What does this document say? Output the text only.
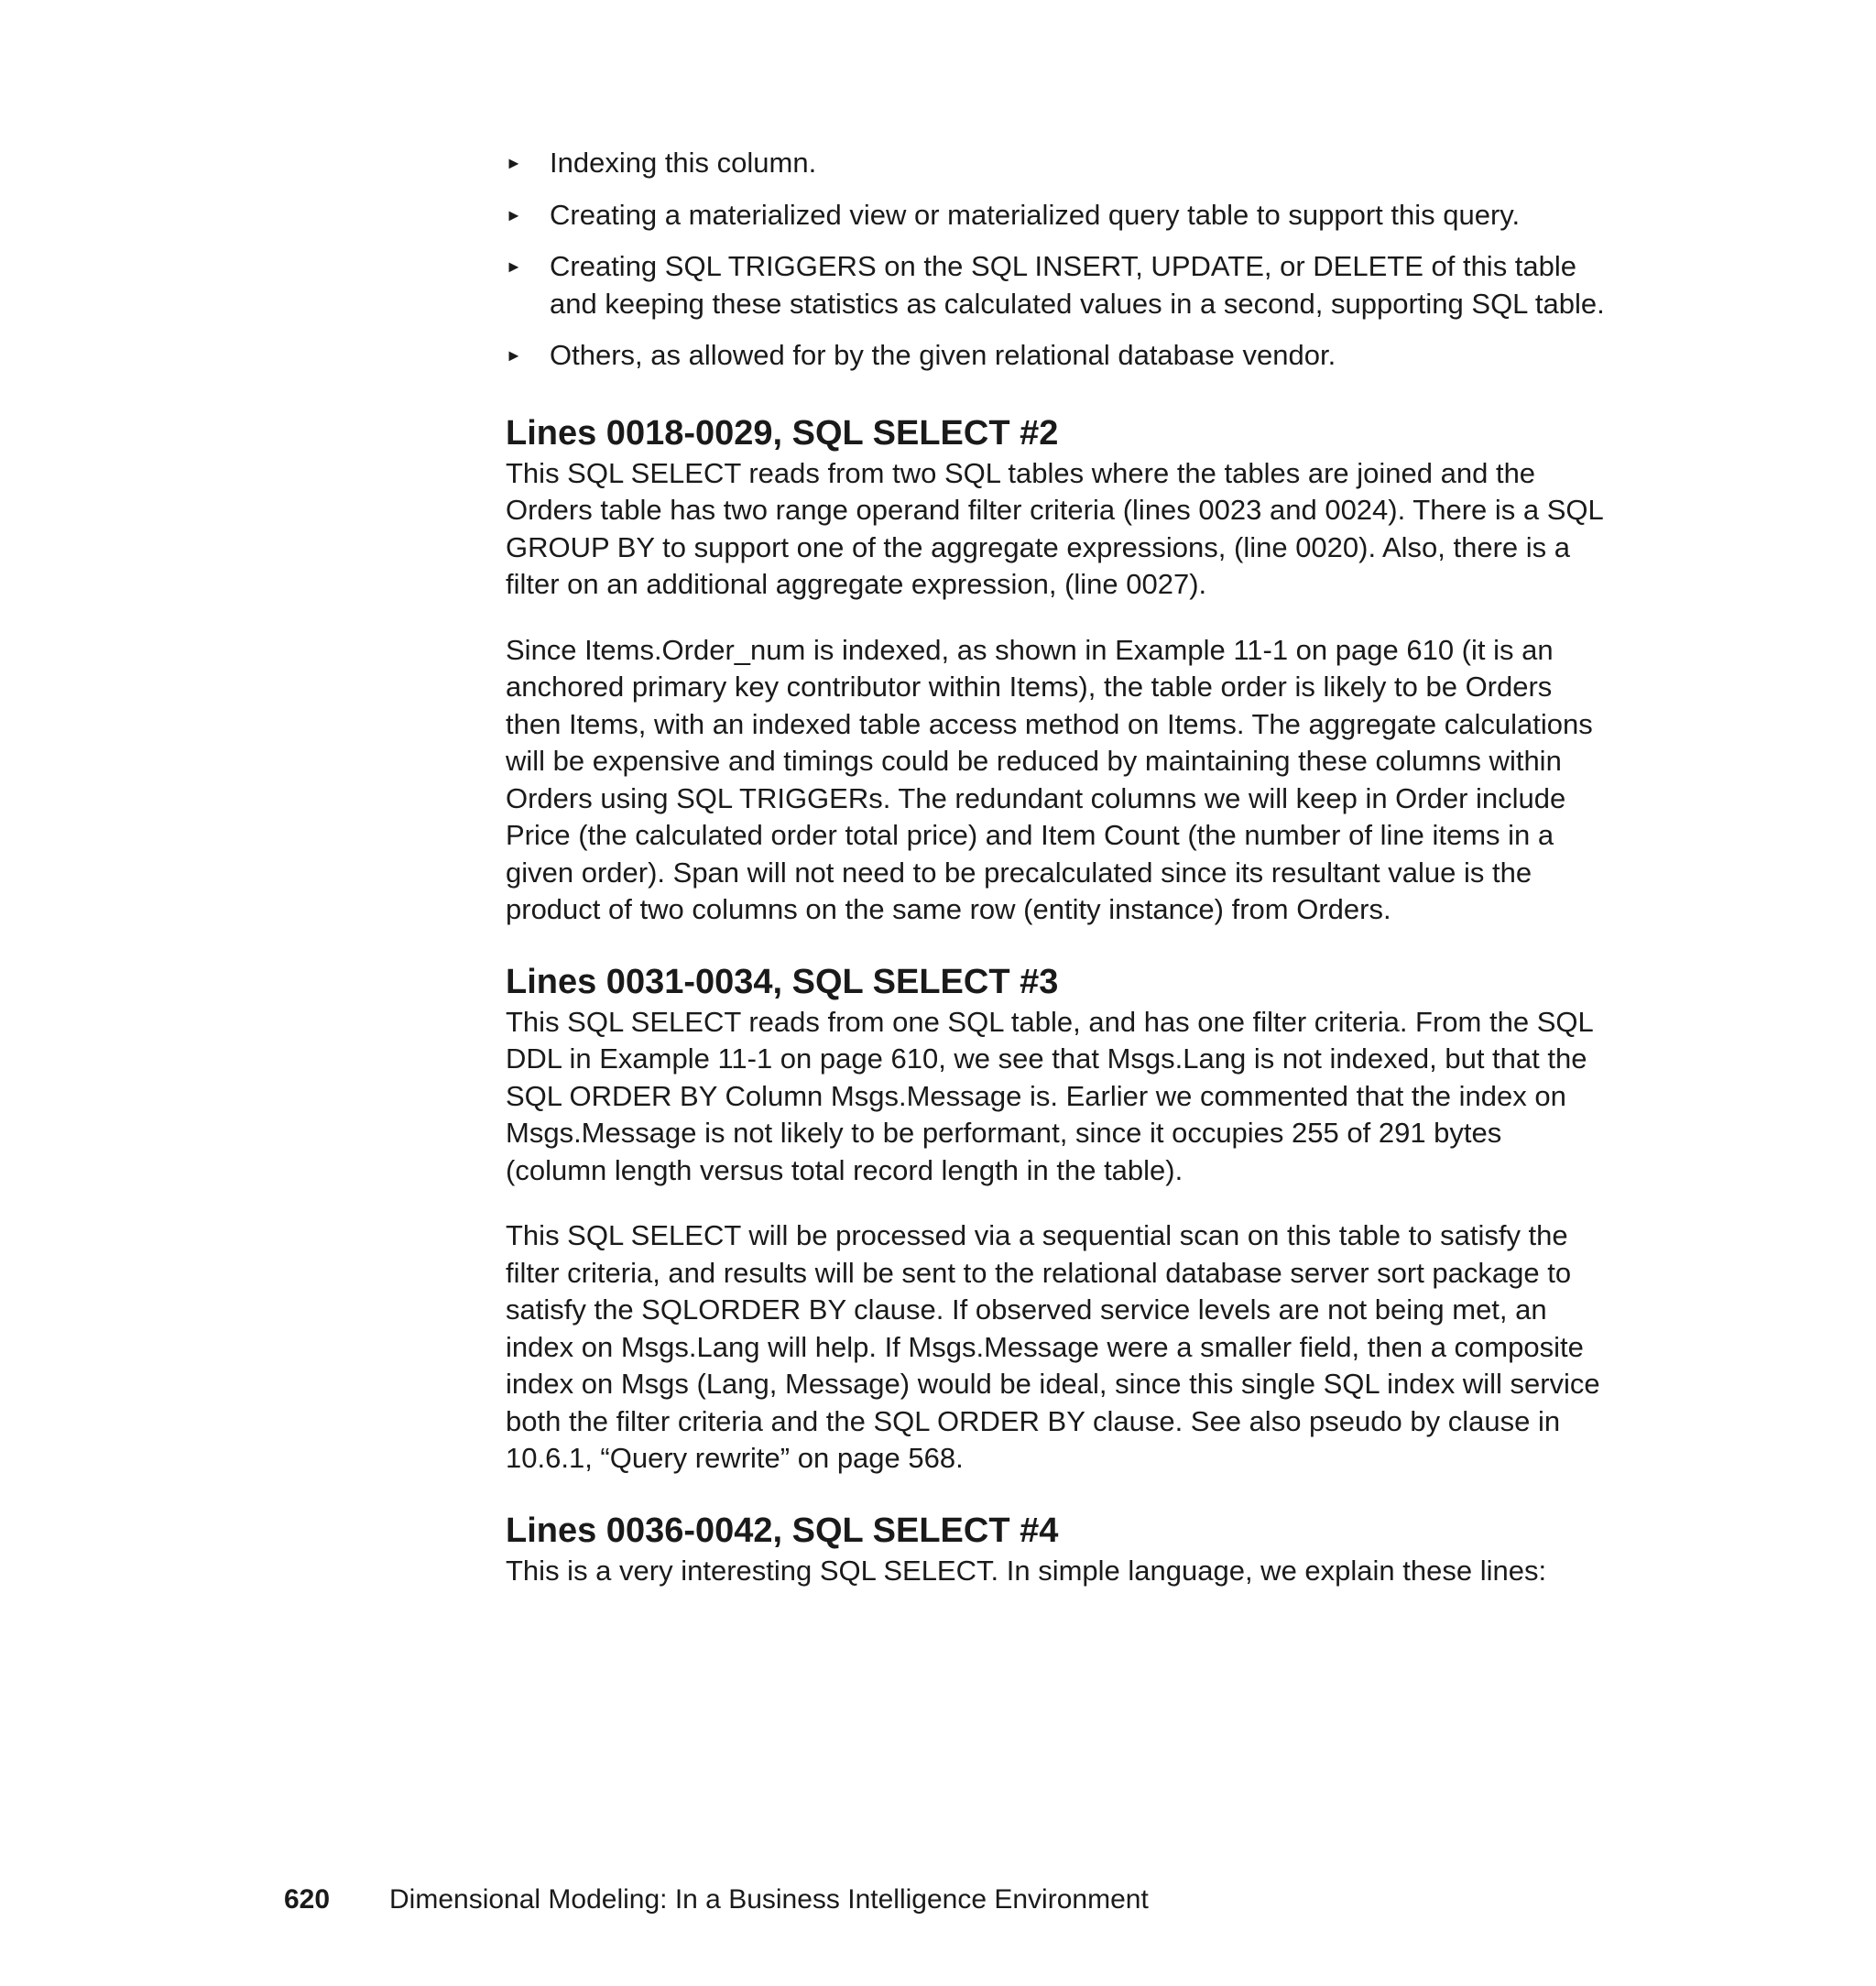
► Indexing this column.
► Creating a materialized view or materialized query table to support this query.
► Creating SQL TRIGGERS on the SQL INSERT, UPDATE, or DELETE of this table and keeping these statistics as calculated values in a second, supporting SQL table.
► Others, as allowed for by the given relational database vendor.
Lines 0018-0029, SQL SELECT #2

This SQL SELECT reads from two SQL tables where the tables are joined and the Orders table has two range operand filter criteria (lines 0023 and 0024). There is a SQL GROUP BY to support one of the aggregate expressions, (line 0020). Also, there is a filter on an additional aggregate expression, (line 0027).

Since Items.Order_num is indexed, as shown in Example 11-1 on page 610 (it is an anchored primary key contributor within Items), the table order is likely to be Orders then Items, with an indexed table access method on Items. The aggregate calculations will be expensive and timings could be reduced by maintaining these columns within Orders using SQL TRIGGERs. The redundant columns we will keep in Order include Price (the calculated order total price) and Item Count (the number of line items in a given order). Span will not need to be precalculated since its resultant value is the product of two columns on the same row (entity instance) from Orders.

Lines 0031-0034, SQL SELECT #3

This SQL SELECT reads from one SQL table, and has one filter criteria. From the SQL DDL in Example 11-1 on page 610, we see that Msgs.Lang is not indexed, but that the SQL ORDER BY Column Msgs.Message is. Earlier we commented that the index on Msgs.Message is not likely to be performant, since it occupies 255 of 291 bytes (column length versus total record length in the table).

This SQL SELECT will be processed via a sequential scan on this table to satisfy the filter criteria, and results will be sent to the relational database server sort package to satisfy the SQLORDER BY clause. If observed service levels are not being met, an index on Msgs.Lang will help. If Msgs.Message were a smaller field, then a composite index on Msgs (Lang, Message) would be ideal, since this single SQL index will service both the filter criteria and the SQL ORDER BY clause. See also pseudo by clause in 10.6.1, “Query rewrite” on page 568.

Lines 0036-0042, SQL SELECT #4

This is a very interesting SQL SELECT. In simple language, we explain these lines:

620 Dimensional Modeling: In a Business Intelligence Environment
